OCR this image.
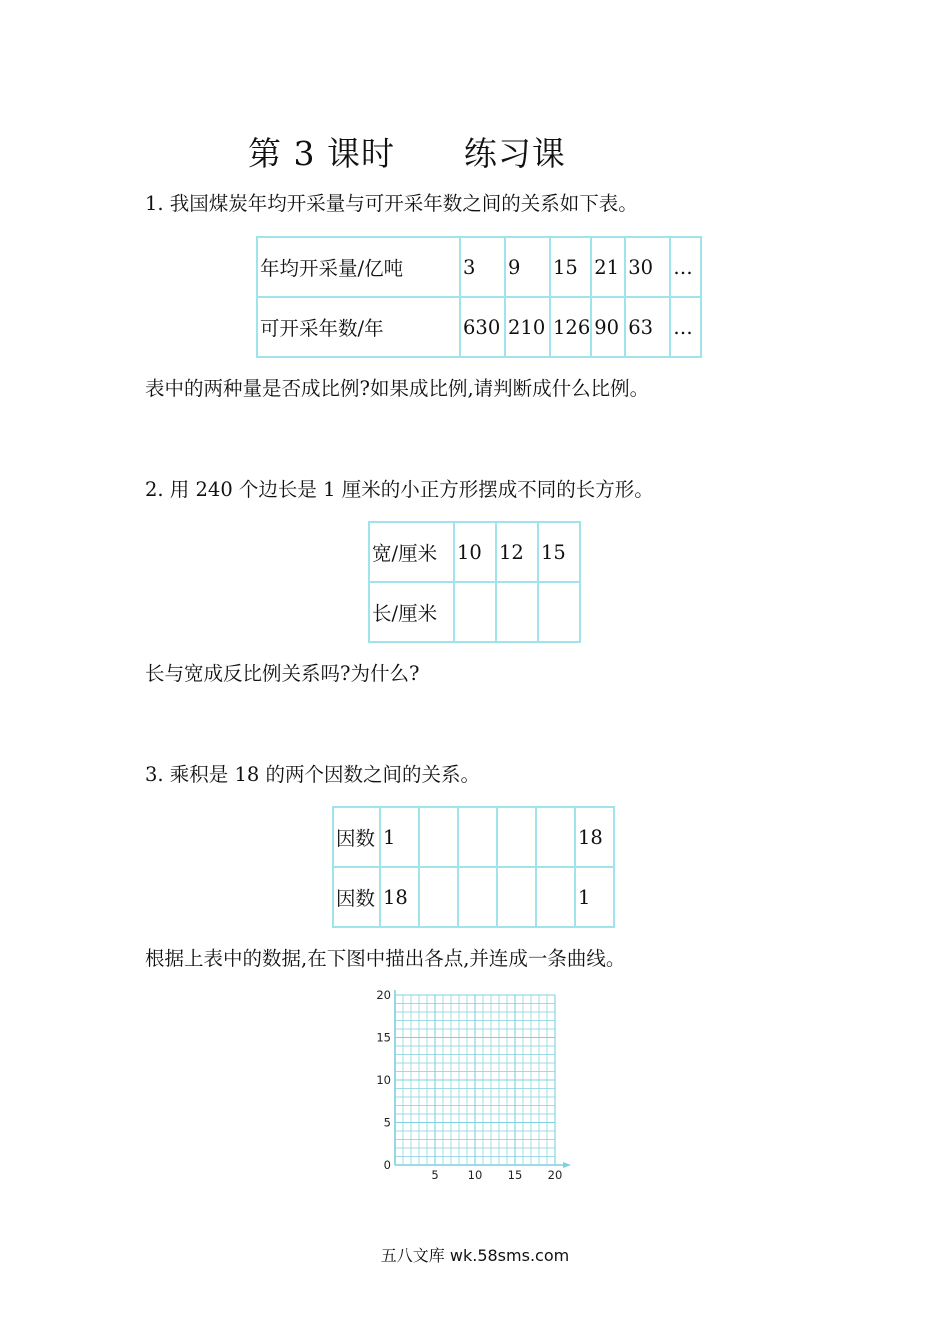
第 3 课时      练习课
1. 我国煤炭年均开采量与可开采年数之间的关系如下表。
年均开采量/亿吨	3	9	15	21	30	…
可开采年数/年	630	210	126	90	63	…
表中的两种量是否成比例?如果成比例,请判断成什么比例。
2. 用 240 个边长是 1 厘米的小正方形摆成不同的长方形。
宽/厘米	10	12	15
长/厘米			
长与宽成反比例关系吗?为什么?
3. 乘积是 18 的两个因数之间的关系。
因数	1					18
因数	18					1
根据上表中的数据,在下图中描出各点,并连成一条曲线。
5	10 15 20
0
5
10
15
20
五八文库 wk.58sms.com
